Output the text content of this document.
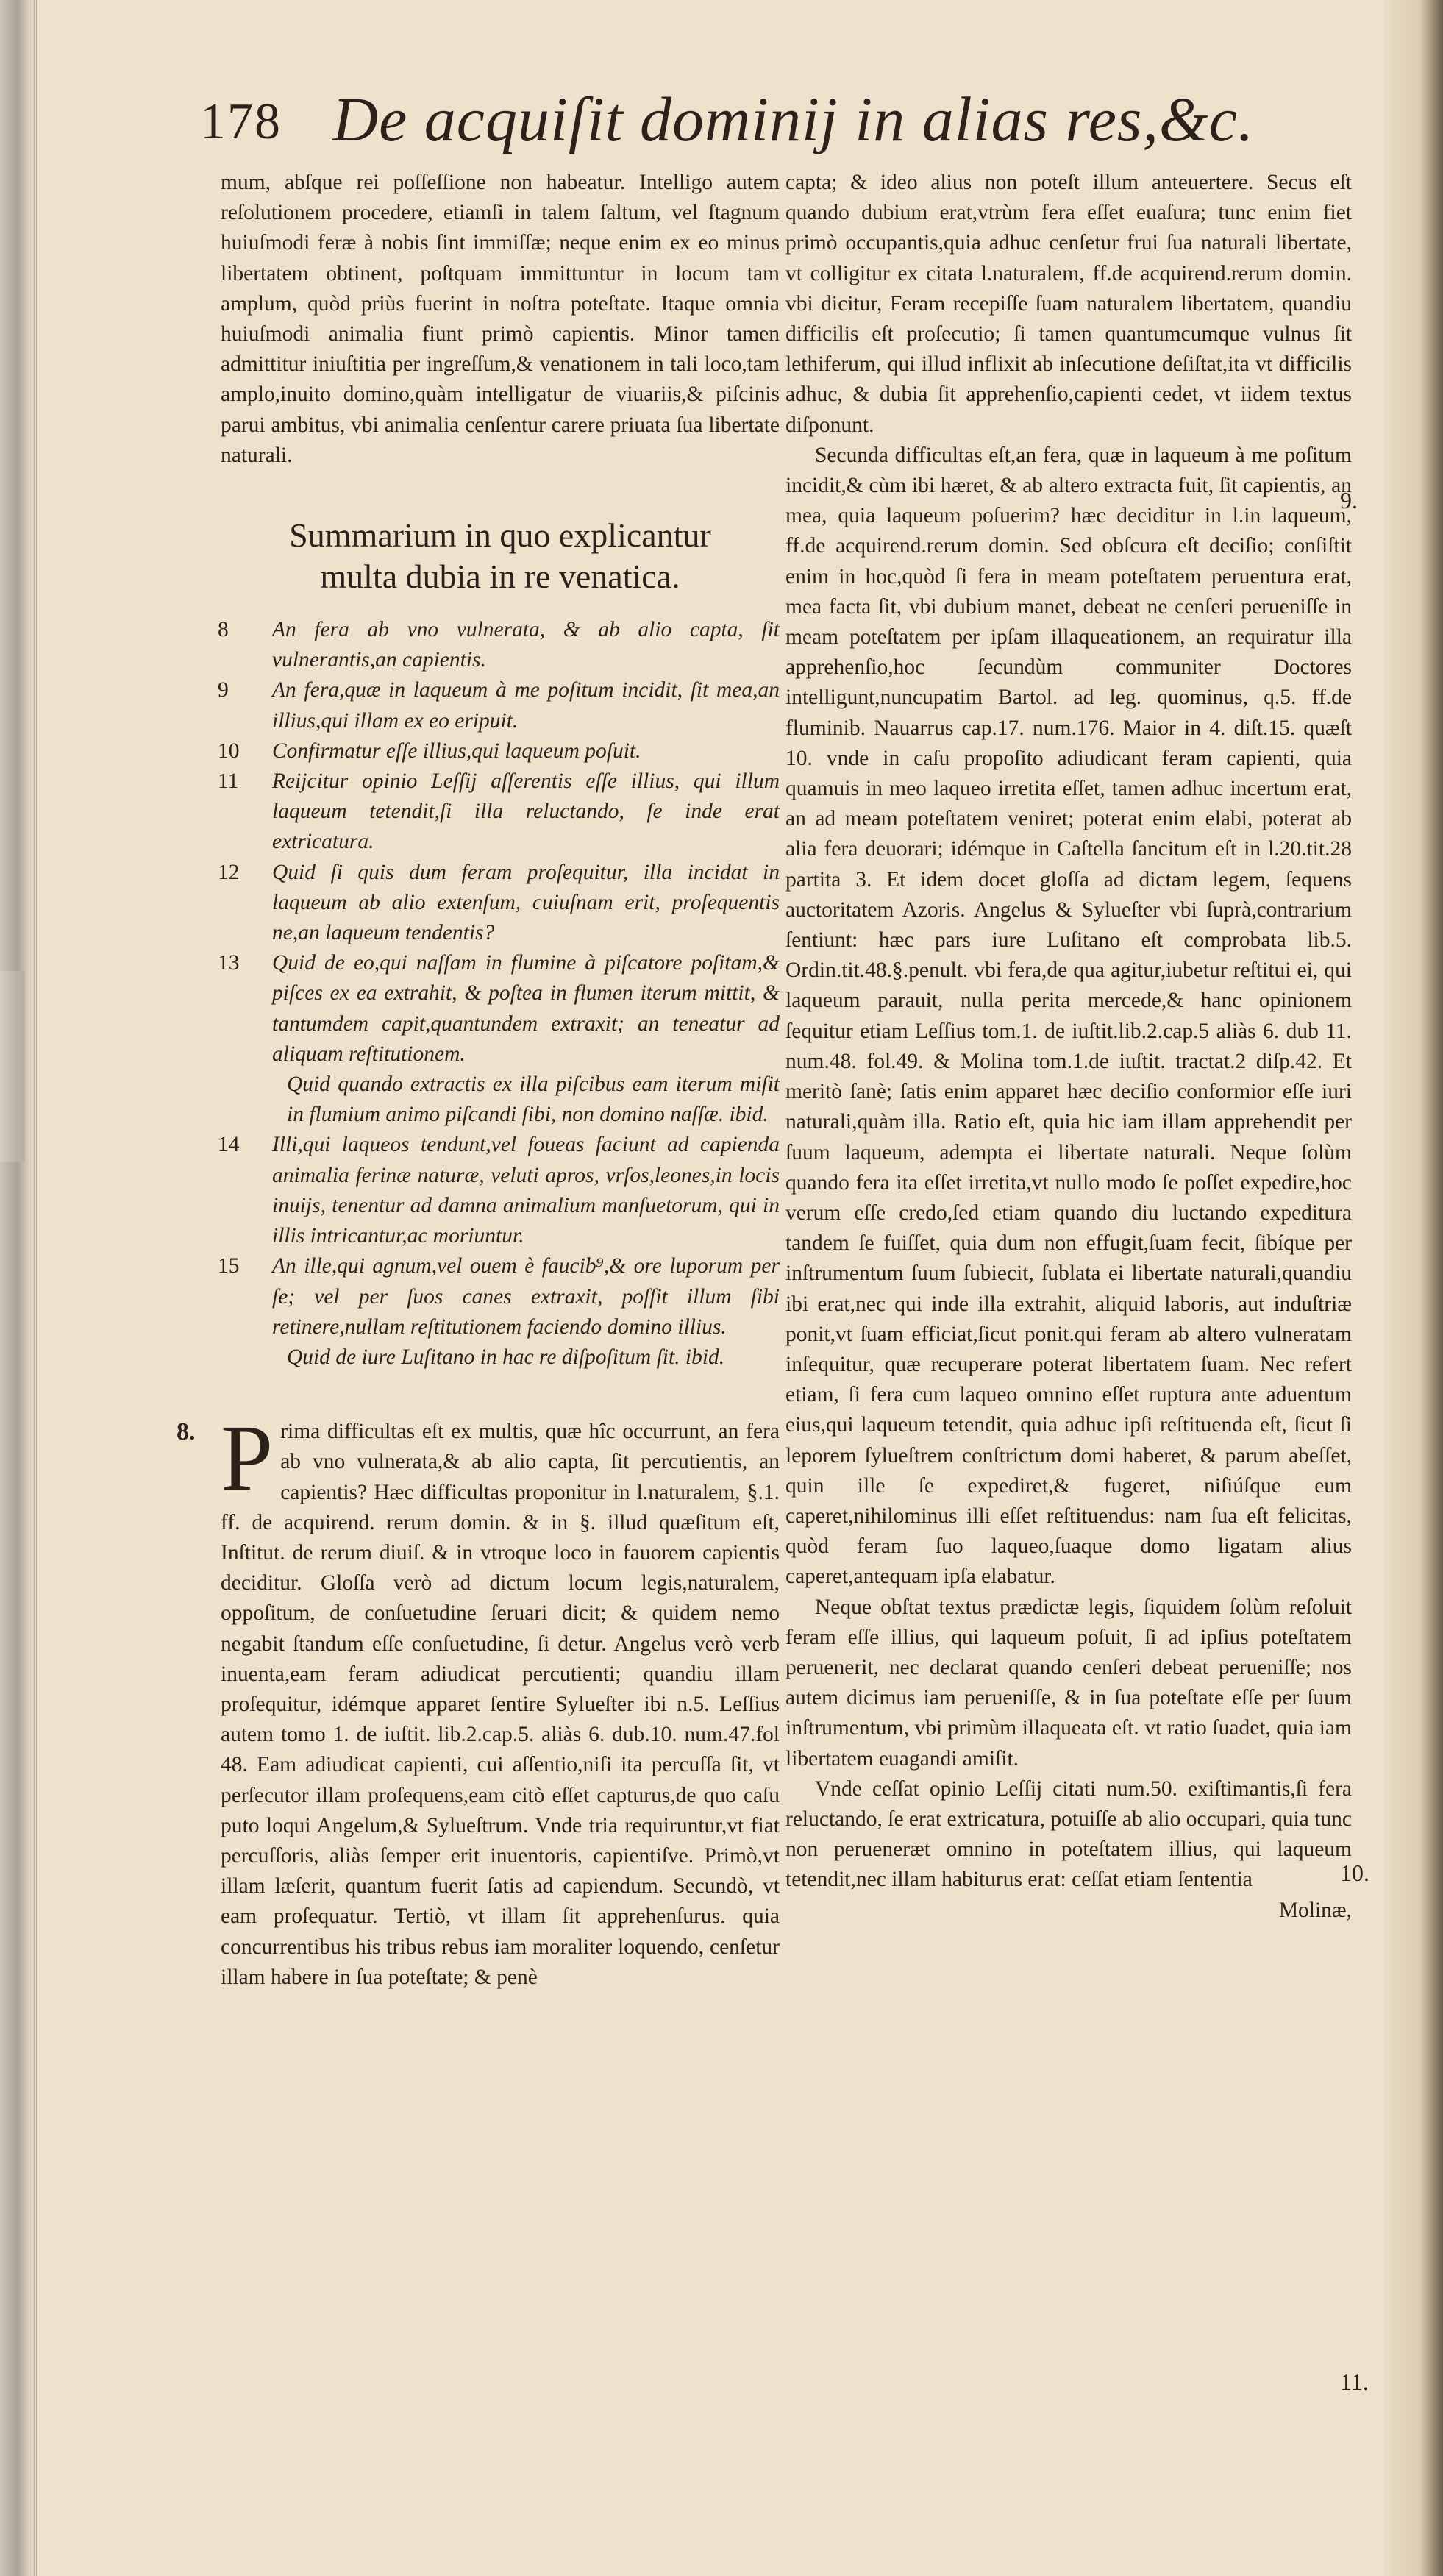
178 De acquiſit dominij in alias res,&c.

mum, abſque rei poſſeſſione non habeatur. Intelligo autem reſolutionem procedere, etiamſi in talem ſaltum, vel ſtagnum huiuſmodi feræ à nobis ſint immiſſæ; neque enim ex eo minus libertatem obtinent, poſtquam immittuntur in locum tam amplum, quòd priùs fuerint in noſtra poteſtate. Itaque omnia huiuſmodi animalia fiunt primò capientis. Minor tamen admittitur iniuſtitia per ingreſſum,& venationem in tali loco,tam amplo,inuito domino,quàm intelligatur de viuariis,& piſcinis parui ambitus, vbi animalia cenſentur carere priuata ſua libertate naturali.

Summarium in quo explicantur
multa dubia in re venatica.
8	An fera ab vno vulnerata, & ab alio capta, ſit vulnerantis,an capientis.
9	An fera,quæ in laqueum à me poſitum incidit, ſit mea,an illius,qui illam ex eo eripuit.
10	Confirmatur eſſe illius,qui laqueum poſuit.
11	Reijcitur opinio Leſſij aſſerentis eſſe illius, qui illum laqueum tetendit,ſi illa reluctando, ſe inde erat extricatura.
12	Quid ſi quis dum feram proſequitur, illa incidat in laqueum ab alio extenſum, cuiuſnam erit, proſequentis ne,an laqueum tendentis?
13	Quid de eo,qui naſſam in flumine à piſcatore poſitam,& piſces ex ea extrahit, & poſtea in flumen iterum mittit, & tantumdem capit,quantundem extraxit; an teneatur ad aliquam reſtitutionem.
Quid quando extractis ex illa piſcibus eam iterum miſit in flumium animo piſcandi ſibi, non domino naſſæ. ibid.
14	Illi,qui laqueos tendunt,vel foueas faciunt ad capienda animalia ferinæ naturæ, veluti apros, vrſos,leones,in locis inuijs, tenentur ad damna animalium manſuetorum, qui in illis intricantur,ac moriuntur.
15	An ille,qui agnum,vel ouem è faucib⁹,& ore luporum per ſe; vel per ſuos canes extraxit, poſſit illum ſibi retinere,nullam reſtitutionem faciendo domino illius.
Quid de iure Luſitano in hac re diſpoſitum ſit. ibid.
8. P rima difficultas eſt ex multis, quæ hîc occurrunt, an fera ab vno vulnerata,& ab alio capta, ſit percutientis, an capientis? Hæc difficultas proponitur in l.naturalem, §.1. ff. de acquirend. rerum domin. & in §. illud quæſitum eſt, Inſtitut. de rerum diuiſ. & in vtroque loco in fauorem capientis deciditur. Gloſſa verò ad dictum locum legis,naturalem, oppoſitum, de conſuetudine ſeruari dicit; & quidem nemo negabit ſtandum eſſe conſuetudine, ſi detur. Angelus verò verb inuenta,eam feram adiudicat percutienti; quandiu illam proſequitur, idémque apparet ſentire Sylueſter ibi n.5. Leſſius autem tomo 1. de iuſtit. lib.2.cap.5. aliàs 6. dub.10. num.47.fol 48. Eam adiudicat capienti, cui aſſentio,niſi ita percuſſa ſit, vt perſecutor illam proſequens,eam citò eſſet capturus,de quo caſu puto loqui Angelum,& Sylueſtrum. Vnde tria requiruntur,vt fiat percuſſoris, aliàs ſemper erit inuentoris, capientiſve. Primò,vt illam læſerit, quantum fuerit ſatis ad capiendum. Secundò, vt eam proſequatur. Tertiò, vt illam ſit apprehenſurus. quia concurrentibus his tribus rebus iam moraliter loquendo, cenſetur illam habere in ſua poteſtate; & penè

capta; & ideo alius non poteſt illum anteuertere. Secus eſt quando dubium erat,vtrùm fera eſſet euaſura; tunc enim fiet primò occupantis,quia adhuc cenſetur frui ſua naturali libertate, vt colligitur ex citata l.naturalem, ff.de acquirend.rerum domin. vbi dicitur, Feram recepiſſe ſuam naturalem libertatem, quandiu difficilis eſt proſecutio; ſi tamen quantumcumque vulnus ſit lethiferum, qui illud inflixit ab inſecutione deſiſtat,ita vt difficilis adhuc, & dubia ſit apprehenſio,capienti cedet, vt iidem textus diſponunt.

Secunda difficultas eſt,an fera, quæ in laqueum à me poſitum incidit,& cùm ibi hæret, & ab altero extracta fuit, ſit capientis, an mea, quia laqueum poſuerim? hæc deciditur in l.in laqueum, ff.de acquirend.rerum domin. Sed obſcura eſt deciſio; conſiſtit enim in hoc,quòd ſi fera in meam poteſtatem peruentura erat, mea facta ſit, vbi dubium manet, debeat ne cenſeri perueniſſe in meam poteſtatem per ipſam illaqueationem, an requiratur illa apprehenſio,hoc ſecundùm communiter Doctores intelligunt,nuncupatim Bartol. ad leg. quominus, q.5. ff.de fluminib. Nauarrus cap.17. num.176. Maior in 4. diſt.15. quæſt 10. vnde in caſu propoſito adiudicant feram capienti, quia quamuis in meo laqueo irretita eſſet, tamen adhuc incertum erat, an ad meam poteſtatem veniret; poterat enim elabi, poterat ab alia fera deuorari; idémque in Caſtella ſancitum eſt in l.20.tit.28 partita 3. Et idem docet gloſſa ad dictam legem, ſequens auctoritatem Azoris. Angelus & Sylueſter vbi ſuprà,contrarium ſentiunt: hæc pars iure Luſitano eſt comprobata lib.5. Ordin.tit.48.§.penult. vbi fera,de qua agitur,iubetur reſtitui ei, qui laqueum parauit, nulla perita mercede,& hanc opinionem ſequitur etiam Leſſius tom.1. de iuſtit.lib.2.cap.5 aliàs 6. dub 11. num.48. fol.49. & Molina tom.1.de iuſtit. tractat.2 diſp.42. Et meritò ſanè; ſatis enim apparet hæc deciſio conformior eſſe iuri naturali,quàm illa. Ratio eſt, quia hic iam illam apprehendit per ſuum laqueum, adempta ei libertate naturali. Neque ſolùm quando fera ita eſſet irretita,vt nullo modo ſe poſſet expedire,hoc verum eſſe credo,ſed etiam quando diu luctando expeditura tandem ſe fuiſſet, quia dum non effugit,ſuam fecit, ſibíque per inſtrumentum ſuum ſubiecit, ſublata ei libertate naturali,quandiu ibi erat,nec qui inde illa extrahit, aliquid laboris, aut induſtriæ ponit,vt ſuam efficiat,ſicut ponit.qui feram ab altero vulneratam inſequitur, quæ recuperare poterat libertatem ſuam. Nec refert etiam, ſi fera cum laqueo omnino eſſet ruptura ante aduentum eius,qui laqueum tetendit, quia adhuc ipſi reſtituenda eſt, ſicut ſi leporem ſylueſtrem conſtrictum domi haberet, & parum abeſſet, quin ille ſe expediret,& fugeret, niſiúſque eum caperet,nihilominus illi eſſet reſtituendus: nam ſua eſt felicitas, quòd feram ſuo laqueo,ſuaque domo ligatam alius caperet,antequam ipſa elabatur.

Neque obſtat textus prædictæ legis, ſiquidem ſolùm reſoluit feram eſſe illius, qui laqueum poſuit, ſi ad ipſius poteſtatem peruenerit, nec declarat quando cenſeri debeat perueniſſe; nos autem dicimus iam perueniſſe, & in ſua poteſtate eſſe per ſuum inſtrumentum, vbi primùm illaqueata eſt. vt ratio ſuadet, quia iam libertatem euagandi amiſit.

Vnde ceſſat opinio Leſſij citati num.50. exiſtimantis,ſi fera reluctando, ſe erat extricatura, potuiſſe ab alio occupari, quia tunc non perueneræt omnino in poteſtatem illius, qui laqueum tetendit,nec illam habiturus erat: ceſſat etiam ſententia

Molinæ,

9.
10.
11.
